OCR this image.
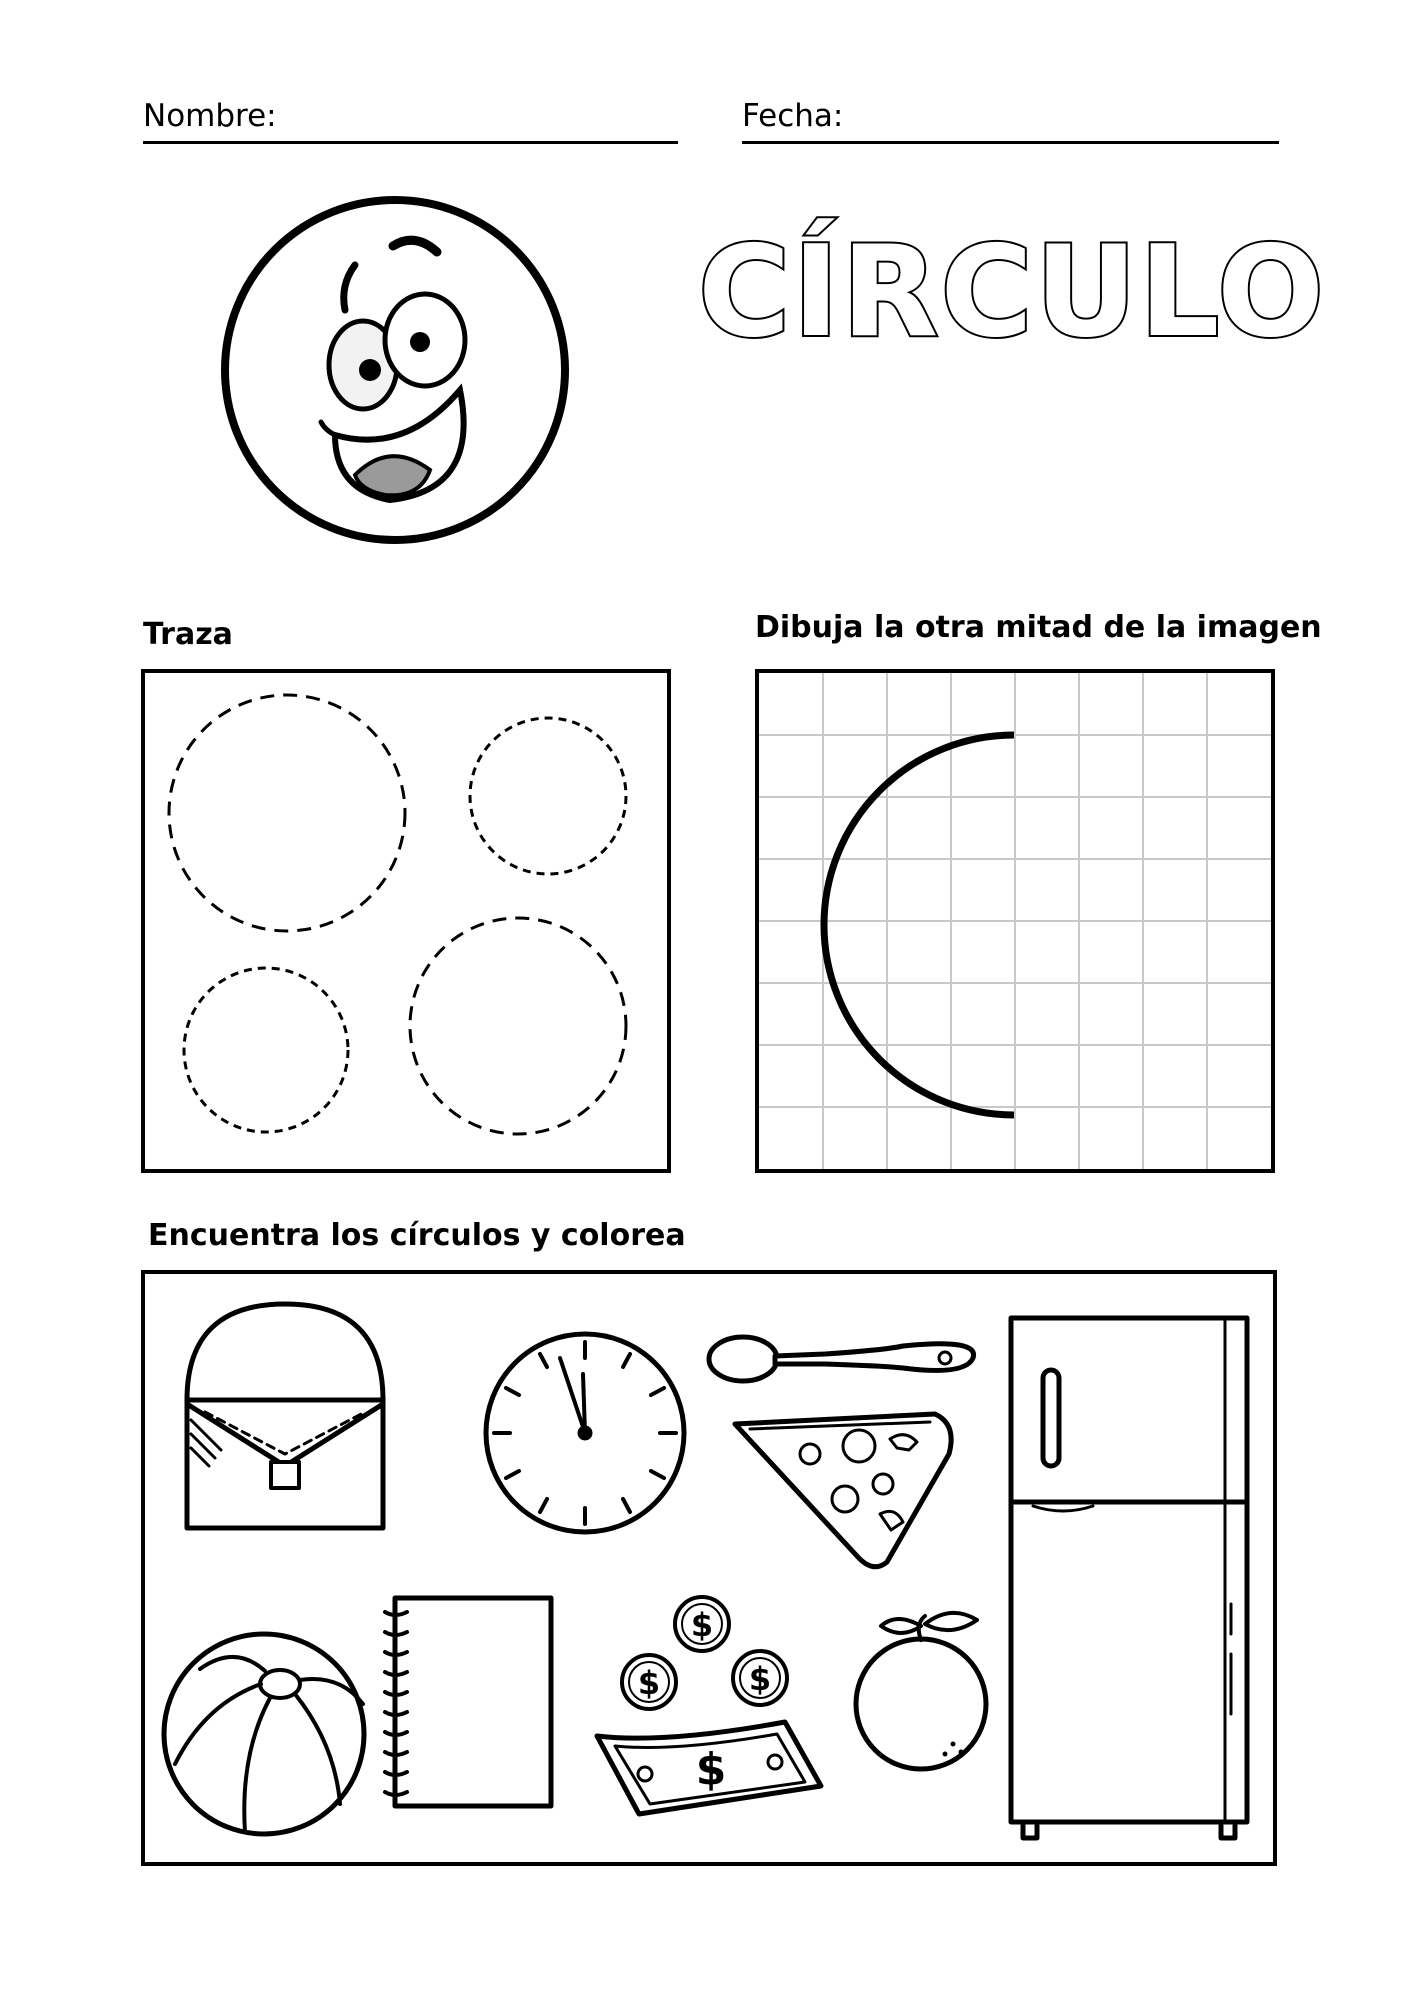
Nombre:	Fecha:
CÍRCULO
Traza	Dibuja la otra mitad de la imagen
Encuentra los círculos y colorea
$
$	$
$
